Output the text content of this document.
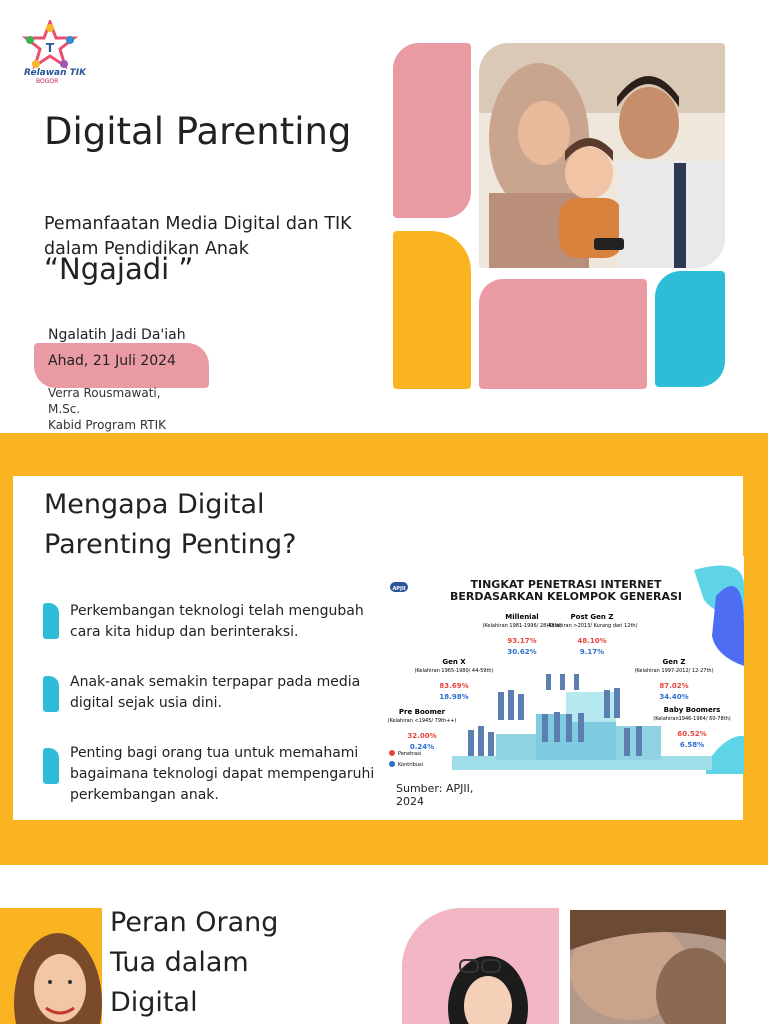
T
Relawan TIK
BOGOR
Digital Parenting
Pemanfaatan Media Digital dan TIK dalam Pendidikan Anak
“Ngajadi ”
Ngalatih Jadi Da'iah
Ahad, 21 Juli 2024
Verra Rousmawati, M.Sc.
Kabid Program RTIK
Mengapa Digital Parenting Penting?
Perkembangan teknologi telah mengubah cara kita hidup dan berinteraksi.
Anak-anak semakin terpapar pada media digital sejak usia dini.
Penting bagi orang tua untuk memahami bagaimana teknologi dapat mempengaruhi perkembangan anak.
APJII	TINGKAT PENETRASI INTERNET
BERDASARKAN KELOMPOK GENERASI
Millenial
(Kelahiran 1981-1996/ 28-43th)
93.17%
30.62%
Post Gen Z
(Kelahiran >2013/ Kurang dari 12th)
48.10%
9.17%
Gen X
(Kelahiran 1965-1980/ 44-59th)
83.69%
18.98%
Gen Z
(Kelahiran 1997-2012/ 12-27th)
87.02%
34.40%
Pre Boomer
(Kelahiran <1945/ 79th++)
32.00%
0.24%
Baby Boomers
(Kelahiran1946-1964/ 60-78th)
60.52%
6.58%
Penetrasi
Kontribusi
Sumber: APJII, 2024
Peran Orang Tua dalam Digital
